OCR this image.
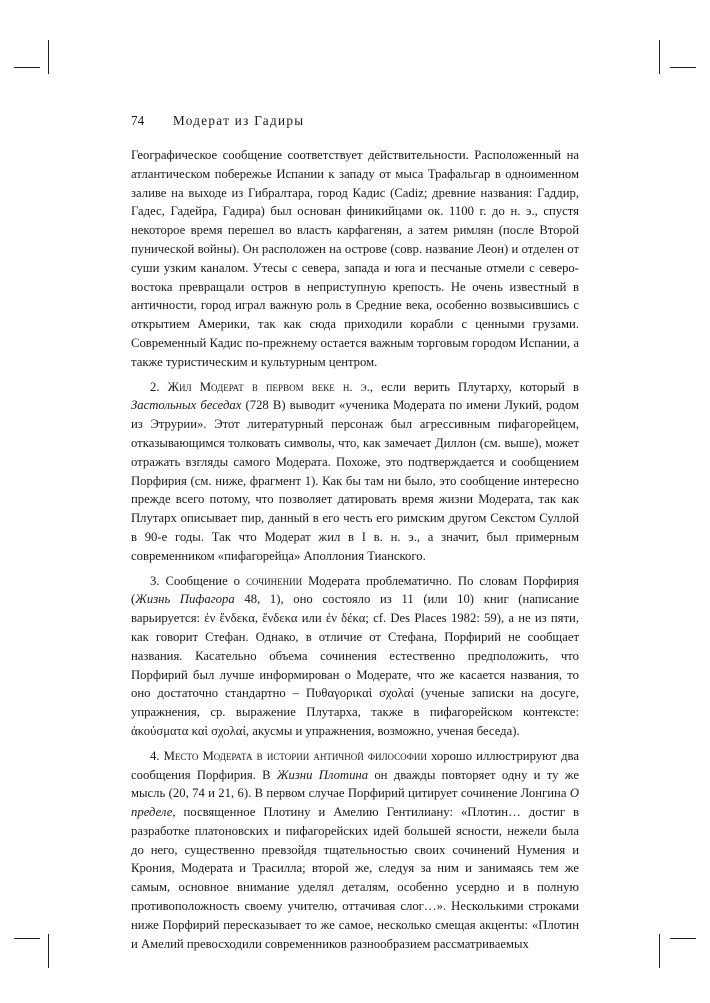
74 Модерат из Гадиры

Географическое сообщение соответствует действительности. Расположенный на атлантическом побережье Испании к западу от мыса Трафальгар в одноименном заливе на выходе из Гибралтара, город Кадис (Cadiz; древние названия: Гаддир, Гадес, Гадейра, Гадира) был основан финикийцами ок. 1100 г. до н. э., спустя некоторое время перешел во власть карфагенян, а затем римлян (после Второй пунической войны). Он расположен на острове (совр. название Леон) и отделен от суши узким каналом. Утесы с севера, запада и юга и песчаные отмели с северо-востока превращали остров в неприступную крепость. Не очень известный в античности, город играл важную роль в Средние века, особенно возвысившись с открытием Америки, так как сюда приходили корабли с ценными грузами. Современный Кадис по-прежнему остается важным торговым городом Испании, а также туристическим и культурным центром.

2. Жил Модерат в первом веке н. э., если верить Плутарху, который в Застольных беседах (728 B) выводит «ученика Модерата по имени Лукий, родом из Этрурии». Этот литературный персонаж был агрессивным пифагорейцем, отказывающимся толковать символы, что, как замечает Диллон (см. выше), может отражать взгляды самого Модерата. Похоже, это подтверждается и сообщением Порфирия (см. ниже, фрагмент 1). Как бы там ни было, это сообщение интересно прежде всего потому, что позволяет датировать время жизни Модерата, так как Плутарх описывает пир, данный в его честь его римским другом Секстом Суллой в 90-е годы. Так что Модерат жил в I в. н. э., а значит, был примерным современником «пифагорейца» Аполлония Тианского.

3. Сообщение о сочинении Модерата проблематично. По словам Порфирия (Жизнь Пифагора 48, 1), оно состояло из 11 (или 10) книг (написание варьируется: ἐν ἕνδεκα, ἕνδεκα или ἐν δέκα; cf. Des Places 1982: 59), а не из пяти, как говорит Стефан. Однако, в отличие от Стефана, Порфирий не сообщает названия. Касательно объема сочинения естественно предположить, что Порфирий был лучше информирован о Модерате, что же касается названия, то оно достаточно стандартно – Πυθαγορικαὶ σχολαί (ученые записки на досуге, упражнения, ср. выражение Плутарха, также в пифагорейском контексте: ἀκούσματα καὶ σχολαί, акусмы и упражнения, возможно, ученая беседа).

4. Место Модерата в истории античной философии хорошо иллюстрируют два сообщения Порфирия. В Жизни Плотина он дважды повторяет одну и ту же мысль (20, 74 и 21, 6). В первом случае Порфирий цитирует сочинение Лонгина О пределе, посвященное Плотину и Амелию Гентилиану: «Плотин… достиг в разработке платоновских и пифагорейских идей большей ясности, нежели была до него, существенно превзойдя тщательностью своих сочинений Нумения и Крония, Модерата и Трасилла; второй же, следуя за ним и занимаясь тем же самым, основное внимание уделял деталям, особенно усердно и в полную противоположность своему учителю, оттачивая слог…». Несколькими строками ниже Порфирий пересказывает то же самое, несколько смещая акценты: «Плотин и Амелий превосходили современников разнообразием рассматриваемых
